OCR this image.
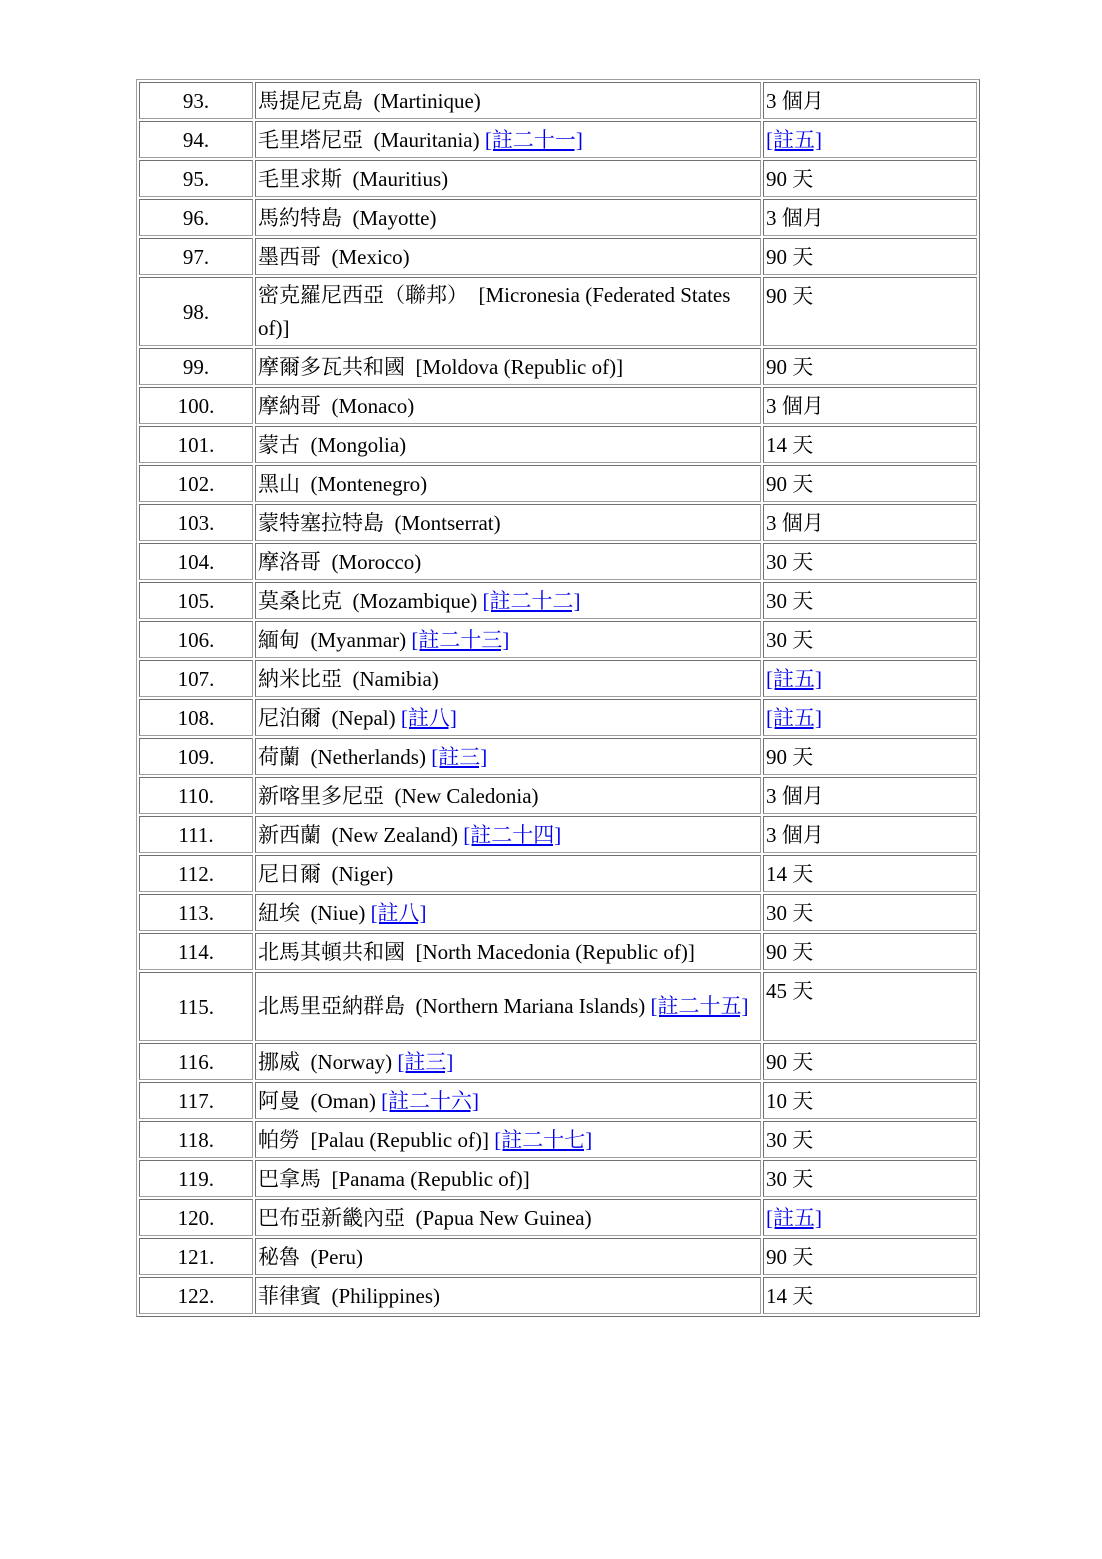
93.	馬提尼克島 (Martinique)	3 個月
94.	毛里塔尼亞 (Mauritania) [註二十一]	[註五]
95.	毛里求斯 (Mauritius)	90 天
96.	馬約特島 (Mayotte)	3 個月
97.	墨西哥 (Mexico)	90 天
98.	密克羅尼西亞（聯邦） [Micronesia (Federated States of)]	90 天
99.	摩爾多瓦共和國 [Moldova (Republic of)]	90 天
100.	摩納哥 (Monaco)	3 個月
101.	蒙古 (Mongolia)	14 天
102.	黑山 (Montenegro)	90 天
103.	蒙特塞拉特島 (Montserrat)	3 個月
104.	摩洛哥 (Morocco)	30 天
105.	莫桑比克 (Mozambique) [註二十二]	30 天
106.	緬甸 (Myanmar) [註二十三]	30 天
107.	納米比亞 (Namibia)	[註五]
108.	尼泊爾 (Nepal) [註八]	[註五]
109.	荷蘭 (Netherlands) [註三]	90 天
110.	新喀里多尼亞 (New Caledonia)	3 個月
111.	新西蘭 (New Zealand) [註二十四]	3 個月
112.	尼日爾 (Niger)	14 天
113.	紐埃 (Niue) [註八]	30 天
114.	北馬其頓共和國 [North Macedonia (Republic of)]	90 天
115.	北馬里亞納群島 (Northern Mariana Islands) [註二十五]	45 天
116.	挪威 (Norway) [註三]	90 天
117.	阿曼 (Oman) [註二十六]	10 天
118.	帕勞 [Palau (Republic of)] [註二十七]	30 天
119.	巴拿馬 [Panama (Republic of)]	30 天
120.	巴布亞新畿內亞 (Papua New Guinea)	[註五]
121.	秘魯 (Peru)	90 天
122.	菲律賓 (Philippines)	14 天
